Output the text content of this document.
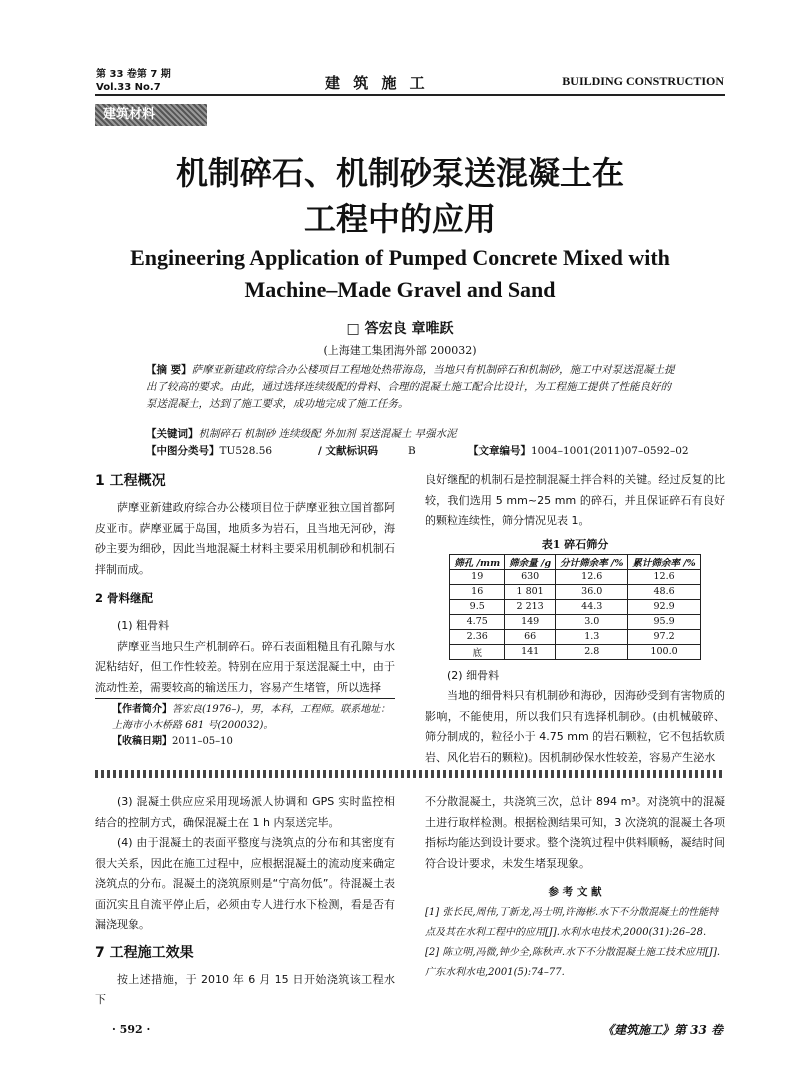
第 33 卷第 7 期
Vol.33 No.7	建 筑 施 工	BUILDING CONSTRUCTION
建筑材料
机制碎石、机制砂泵送混凝土在
工程中的应用
Engineering Application of Pumped Concrete Mixed with
Machine–Made Gravel and Sand
□ 答宏良 章唯跃
(上海建工集团海外部 200032)
【摘 要】萨摩亚新建政府综合办公楼项目工程地处热带海岛，当地只有机制碎石和机制砂，施工中对泵送混凝土提出了较高的要求。由此，通过选择连续级配的骨料、合理的混凝土施工配合比设计，为工程施工提供了性能良好的泵送混凝土，达到了施工要求，成功地完成了施工任务。
【关键词】机制碎石 机制砂 连续级配 外加剂 泵送混凝土 早强水泥
【中图分类号】TU528.56	/ 文献标识码	B	【文章编号】1004–1001(2011)07–0592–02
1 工程概况
萨摩亚新建政府综合办公楼项目位于萨摩亚独立国首都阿皮亚市。萨摩亚属于岛国，地质多为岩石，且当地无河砂，海砂主要为细砂，因此当地混凝土材料主要采用机制砂和机制石拌制而成。
2 骨料继配
(1) 粗骨料
萨摩亚当地只生产机制碎石。碎石表面粗糙且有孔隙与水泥粘结好，但工作性较差。特别在应用于泵送混凝土中，由于流动性差，需要较高的输送压力，容易产生堵管，所以选择
【作者简介】答宏良(1976–)，男，本科，工程师。联系地址：上海市小木桥路 681 号(200032)。
【收稿日期】2011–05–10
良好继配的机制石是控制混凝土拌合料的关键。经过反复的比较，我们选用 5 mm~25 mm 的碎石，并且保证碎石有良好的颗粒连续性，筛分情况见表 1。
表1 碎石筛分
筛孔 /mm	筛余量 /g	分计筛余率 /%	累计筛余率 /%
19	630	12.6	12.6
16	1 801	36.0	48.6
9.5	2 213	44.3	92.9
4.75	149	3.0	95.9
2.36	66	1.3	97.2
底	141	2.8	100.0
(2) 细骨料
当地的细骨料只有机制砂和海砂，因海砂受到有害物质的影响，不能使用，所以我们只有选择机制砂。(由机械破碎、筛分制成的，粒径小于 4.75 mm 的岩石颗粒，它不包括软质岩、风化岩石的颗粒)。因机制砂保水性较差，容易产生泌水
(3) 混凝土供应应采用现场派人协调和 GPS 实时监控相结合的控制方式，确保混凝土在 1 h 内泵送完毕。
(4) 由于混凝土的表面平整度与浇筑点的分布和其密度有很大关系，因此在施工过程中，应根据混凝土的流动度来确定浇筑点的分布。混凝土的浇筑原则是“宁高勿低”。待混凝土表面沉实且自流平停止后，必须由专人进行水下检测，看是否有漏浇现象。
7 工程施工效果
按上述措施，于 2010 年 6 月 15 日开始浇筑该工程水下
不分散混凝土，共浇筑三次，总计 894 m³。对浇筑中的混凝土进行取样检测。根据检测结果可知，3 次浇筑的混凝土各项指标均能达到设计要求。整个浇筑过程中供料顺畅，凝结时间符合设计要求，未发生堵泵现象。
参 考 文 献
[1] 张长民,周伟,丁新龙,冯士明,许海彬.水下不分散混凝土的性能特点及其在水利工程中的应用[J].水利水电技术,2000(31):26–28.
[2] 陈立明,冯微,钟少全,陈秋声.水下不分散混凝土施工技术应用[J].广东水利水电,2001(5):74–77.
· 592 ·	《建筑施工》第 33 卷
